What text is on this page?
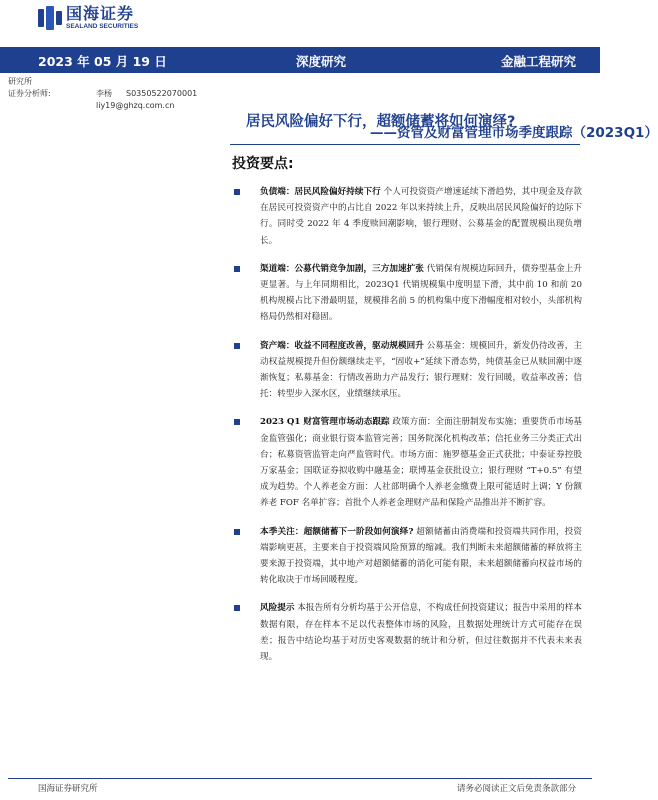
国海证券
SEALAND SECURITIES
2023 年 05 月 19 日	深度研究	金融工程研究
研究所
证券分析师:	李杨	S0350522070001
liy19@ghzq.com.cn
居民风险偏好下行，超额储蓄将如何演绎?
——资管及财富管理市场季度跟踪（2023Q1）
投资要点:
负债端：居民风险偏好持续下行 个人可投资资产增速延续下滑趋势，其中现金及存款在居民可投资资产中的占比自 2022 年以来持续上升，反映出居民风险偏好的边际下行。同时受 2022 年 4 季度赎回潮影响，银行理财、公募基金的配置规模出现负增长。
渠道端：公募代销竞争加剧，三方加速扩张 代销保有规模边际回升，债券型基金上升更显著。与上年同期相比，2023Q1 代销规模集中度明显下滑，其中前 10 和前 20 机构规模占比下滑最明显，规模排名前 5 的机构集中度下滑幅度相对较小，头部机构格局仍然相对稳固。
资产端：收益不同程度改善，驱动规模回升 公募基金：规模回升，新发仍待改善，主动权益规模提升但份额继续走平，“固收+”延续下滑态势，纯债基金已从赎回潮中逐渐恢复；私募基金：行情改善助力产品发行；银行理财：发行回暖，收益率改善；信托：转型步入深水区，业绩继续承压。
2023 Q1 财富管理市场动态跟踪 政策方面：全面注册制发布实施；重要货币市场基金监管强化；商业银行资本监管完善；国务院深化机构改革；信托业务三分类正式出台；私募资管监管走向严监管时代。市场方面：施罗德基金正式获批；中泰证券控股万家基金；国联证券拟收购中融基金；联博基金获批设立；银行理财 “T+0.5” 有望成为趋势。个人养老金方面：人社部明确个人养老金缴费上限可能适时上调；Y 份额养老 FOF 名单扩容；首批个人养老金理财产品和保险产品推出并不断扩容。
本季关注：超额储蓄下一阶段如何演绎? 超额储蓄由消费端和投资端共同作用，投资端影响更甚，主要来自于投资端风险预算的缩减。我们判断未来超额储蓄的释放将主要来源于投资端，其中地产对超额储蓄的消化可能有限，未来超额储蓄向权益市场的转化取决于市场回暖程度。
风险提示 本报告所有分析均基于公开信息，不构成任何投资建议；报告中采用的样本数据有限，存在样本不足以代表整体市场的风险，且数据处理统计方式可能存在误差；报告中结论均基于对历史客观数据的统计和分析，但过往数据并不代表未来表现。
国海证券研究所	请务必阅读正文后免责条款部分
